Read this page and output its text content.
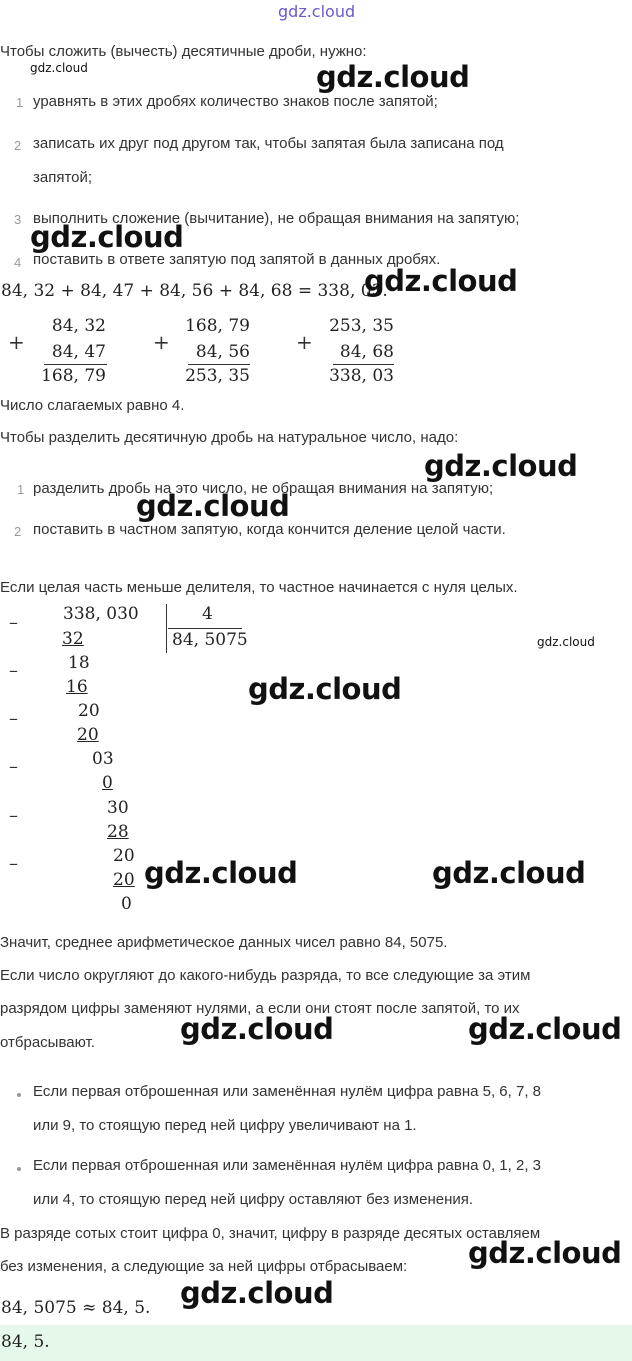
gdz.cloud
Чтобы сложить (вычесть) десятичные дроби, нужно:
gdz.cloud	gdz.cloud
1 уравнять в этих дробях количество знаков после запятой;
2 записать их друг под другом так, чтобы запятая была записана под
запятой;
3 выполнить сложение (вычитание), не обращая внимания на запятую;
gdz.cloud
4 поставить в ответе запятую под запятой в данных дробях.
84, 32 + 84, 47 + 84, 56 + 84, 68 = 338, 03.
gdz.cloud
+
84, 32
84, 47
168, 79
+
168, 79
84, 56
253, 35
+
253, 35
84, 68
338, 03
Число слагаемых равно 4.
Чтобы разделить десятичную дробь на натуральное число, надо:
gdz.cloud
1 разделить дробь на это число, не обращая внимания на запятую;
gdz.cloud
2 поставить в частном запятую, когда кончится деление целой части.
Если целая часть меньше делителя, то частное начинается с нуля целых.
–	338, 030	4
84, 5075	gdz.cloud
32
–	18
16	gdz.cloud
–	20
20
–	03
0
–	30
28
–	20
20
0
gdz.cloud	gdz.cloud
Значит, среднее арифметическое данных чисел равно 84, 5075.
Если число округляют до какого-нибудь разряда, то все следующие за этим
разрядом цифры заменяют нулями, а если они стоят после запятой, то их
отбрасывают.	gdz.cloud	gdz.cloud
Если первая отброшенная или заменённая нулём цифра равна 5, 6, 7, 8
или 9, то стоящую перед ней цифру увеличивают на 1.
Если первая отброшенная или заменённая нулём цифра равна 0, 1, 2, 3
или 4, то стоящую перед ней цифру оставляют без изменения.
В разряде сотых стоит цифра 0, значит, цифру в разряде десятых оставляем
без изменения, а следующие за ней цифры отбрасываем: gdz.cloud
84, 5075 ≈ 84, 5. gdz.cloud
84, 5.
